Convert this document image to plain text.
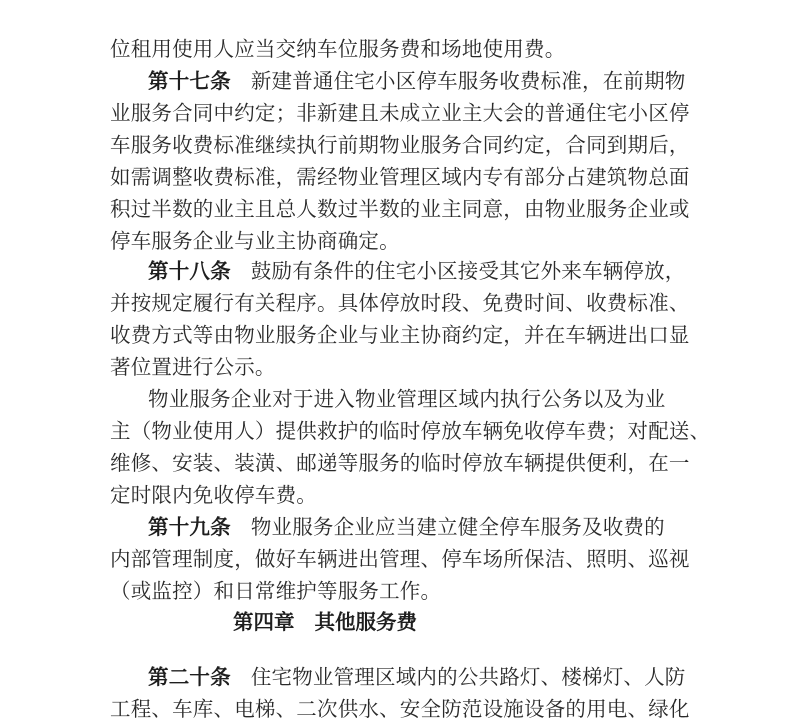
位租用使用人应当交纳车位服务费和场地使用费。
第十七条 新建普通住宅小区停车服务收费标准，在前期物
业服务合同中约定；非新建且未成立业主大会的普通住宅小区停
车服务收费标准继续执行前期物业服务合同约定，合同到期后，
如需调整收费标准，需经物业管理区域内专有部分占建筑物总面
积过半数的业主且总人数过半数的业主同意，由物业服务企业或
停车服务企业与业主协商确定。
第十八条 鼓励有条件的住宅小区接受其它外来车辆停放，
并按规定履行有关程序。具体停放时段、免费时间、收费标准、
收费方式等由物业服务企业与业主协商约定，并在车辆进出口显
著位置进行公示。
物业服务企业对于进入物业管理区域内执行公务以及为业
主（物业使用人）提供救护的临时停放车辆免收停车费；对配送、
维修、安装、装潢、邮递等服务的临时停放车辆提供便利，在一
定时限内免收停车费。
第十九条 物业服务企业应当建立健全停车服务及收费的
内部管理制度，做好车辆进出管理、停车场所保洁、照明、巡视
（或监控）和日常维护等服务工作。
第四章 其他服务费
第二十条 住宅物业管理区域内的公共路灯、楼梯灯、人防
工程、车库、电梯、二次供水、安全防范设施设备的用电、绿化
